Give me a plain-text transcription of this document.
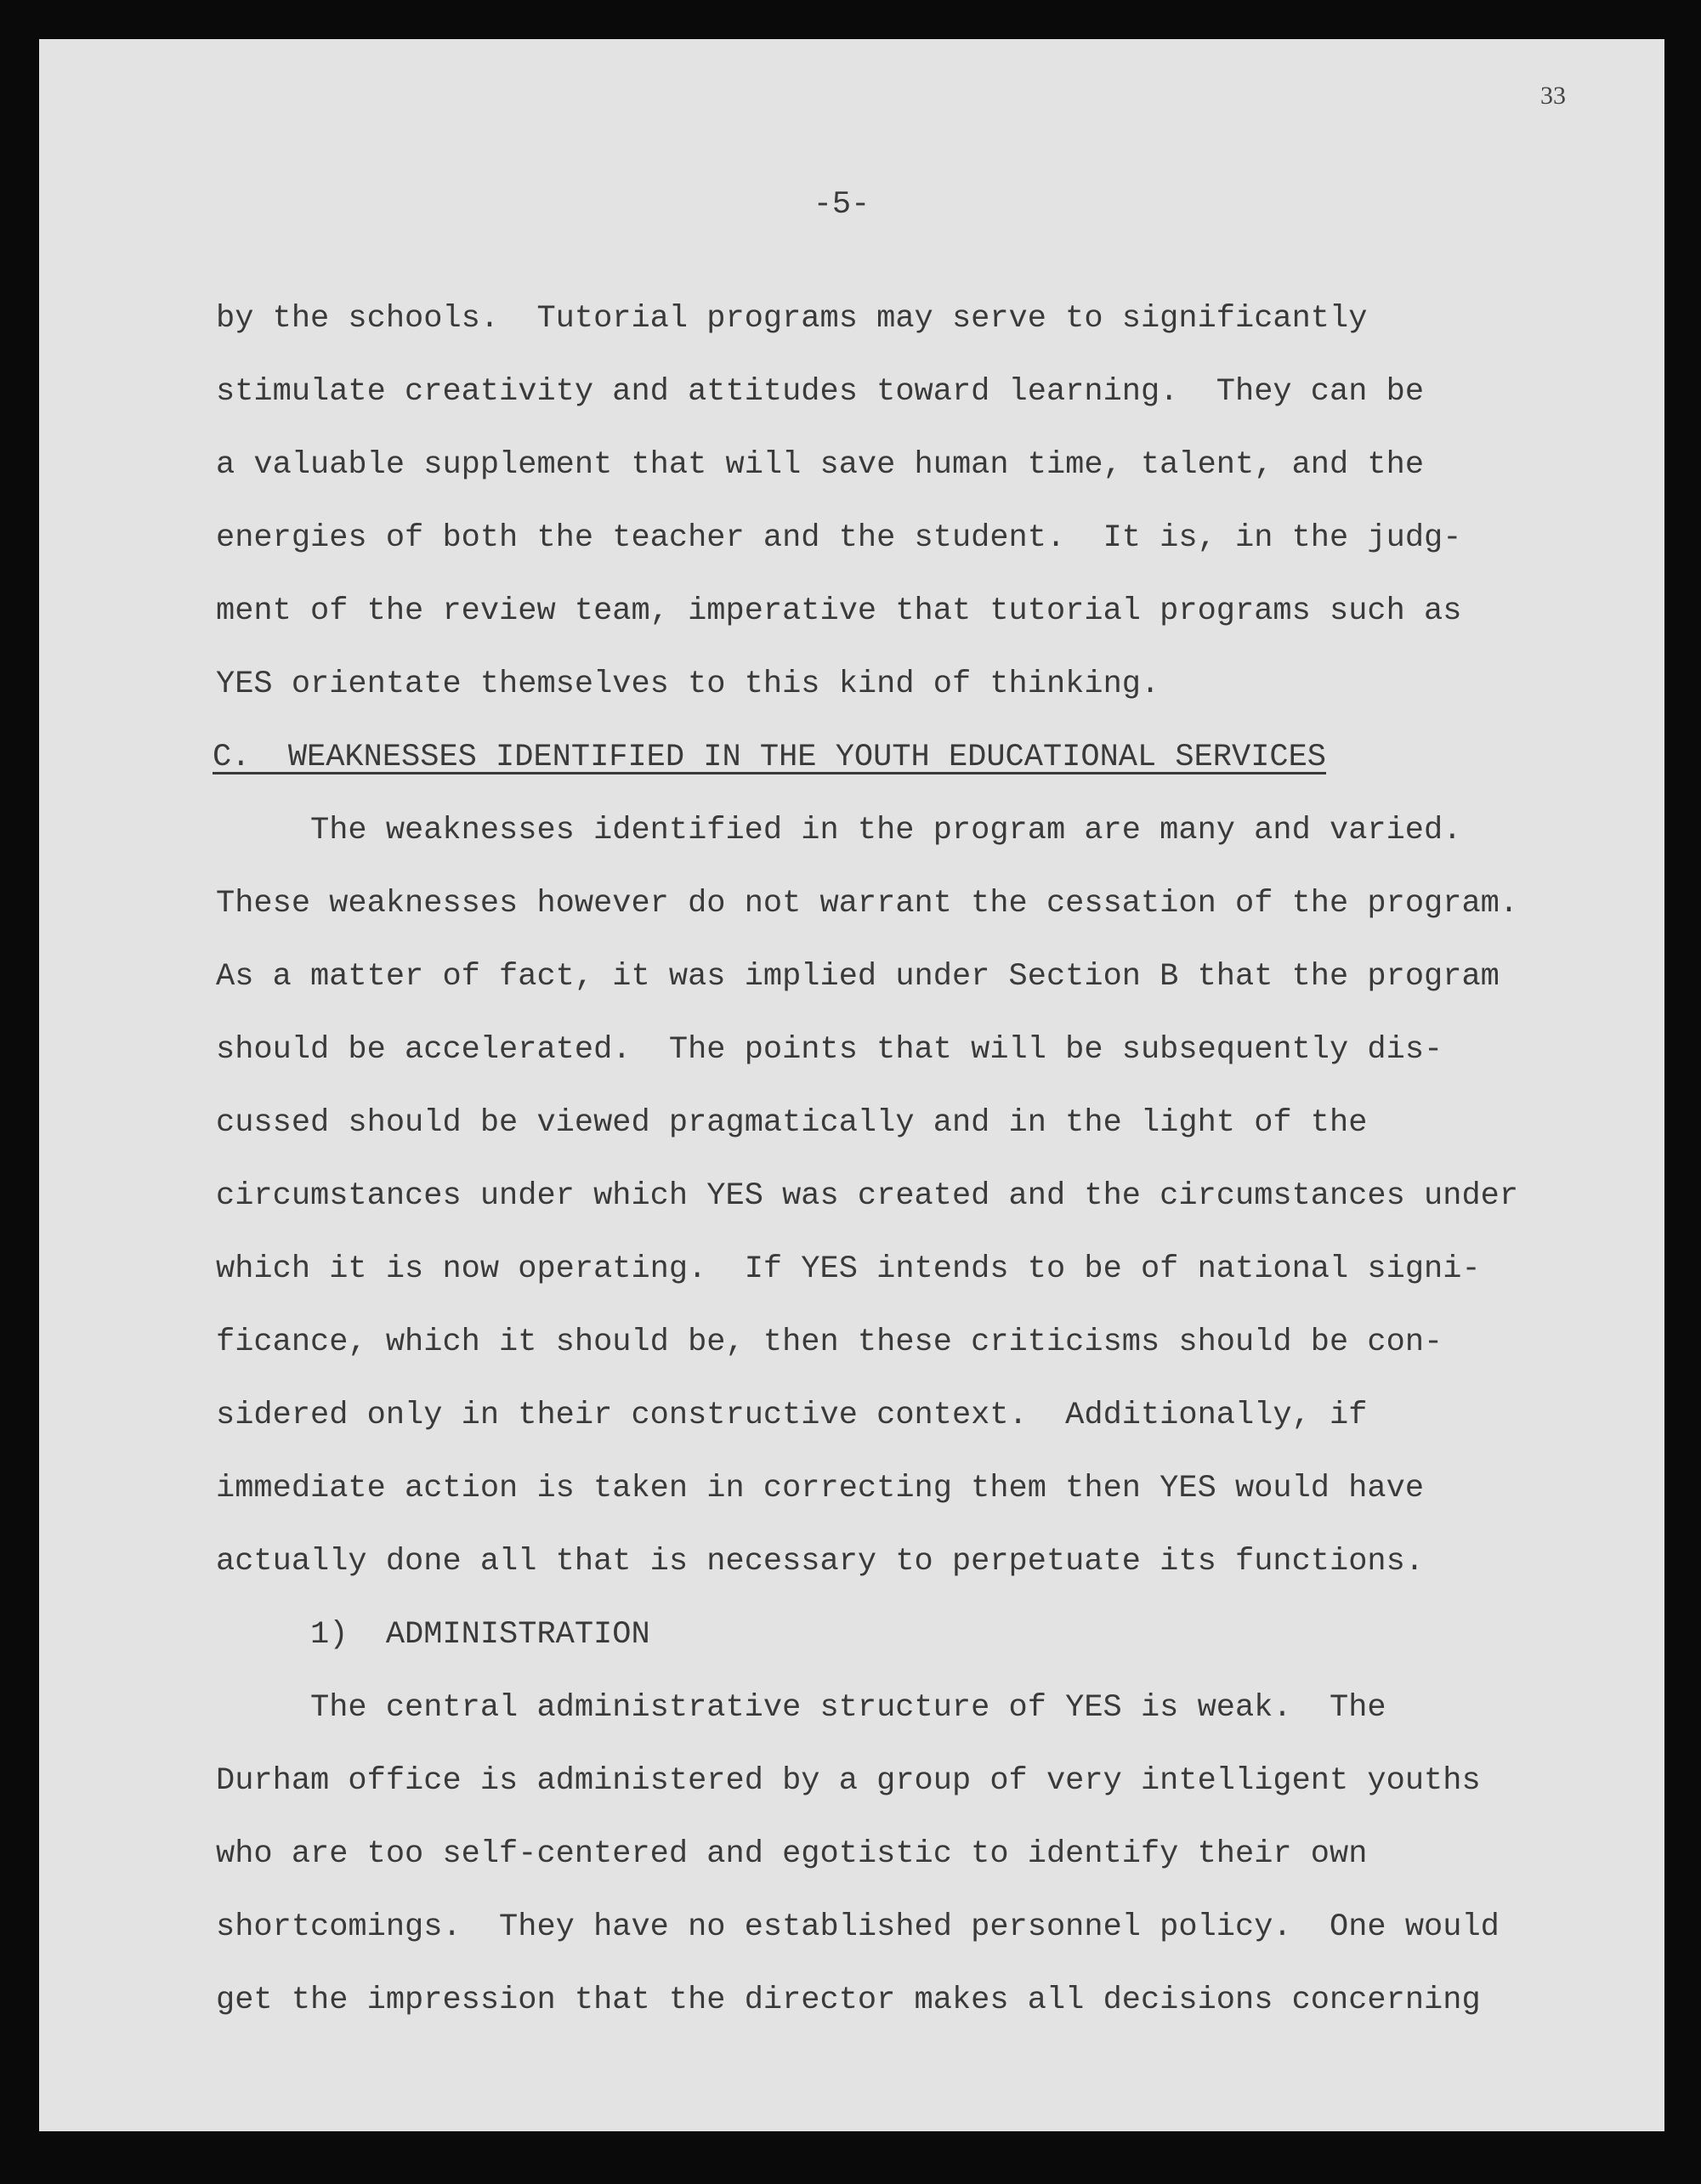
33
-5-
by the schools.  Tutorial programs may serve to significantly
stimulate creativity and attitudes toward learning.  They can be
a valuable supplement that will save human time, talent, and the
energies of both the teacher and the student.  It is, in the judg-
ment of the review team, imperative that tutorial programs such as
YES orientate themselves to this kind of thinking.
C.  WEAKNESSES IDENTIFIED IN THE YOUTH EDUCATIONAL SERVICES
The weaknesses identified in the program are many and varied.
These weaknesses however do not warrant the cessation of the program.
As a matter of fact, it was implied under Section B that the program
should be accelerated.  The points that will be subsequently dis-
cussed should be viewed pragmatically and in the light of the
circumstances under which YES was created and the circumstances under
which it is now operating.  If YES intends to be of national signi-
ficance, which it should be, then these criticisms should be con-
sidered only in their constructive context.  Additionally, if
immediate action is taken in correcting them then YES would have
actually done all that is necessary to perpetuate its functions.
1)  ADMINISTRATION
The central administrative structure of YES is weak.  The
Durham office is administered by a group of very intelligent youths
who are too self-centered and egotistic to identify their own
shortcomings.  They have no established personnel policy.  One would
get the impression that the director makes all decisions concerning
